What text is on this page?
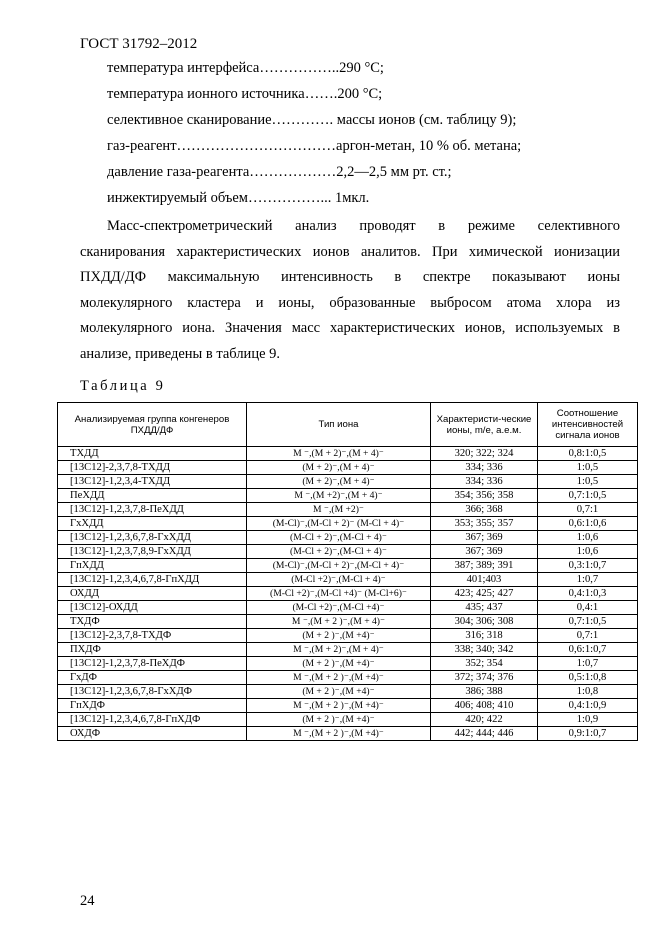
ГОСТ 31792–2012
температура интерфейса……………..290 °С;
температура ионного источника…….200 °С;
селективное сканирование…………. массы ионов (см. таблицу 9);
газ-реагент……………………………аргон-метан, 10 % об. метана;
давление газа-реагента………………2,2—2,5 мм рт. ст.;
инжектируемый объем……………... 1мкл.
Масс-спектрометрический анализ проводят в режиме селективного
сканирования характеристических ионов аналитов. При химической ионизации
ПХДД/ДФ максимальную интенсивность в спектре показывают ионы
молекулярного кластера и ионы, образованные выбросом атома хлора из
молекулярного иона. Значения масс характеристических ионов, используемых в
анализе, приведены в таблице 9.
Таблица 9
Анализируемая группа конгенеров ПХДД/ДФ	Тип иона	Характеристи-ческие ионы, m/e, а.е.м.	Соотношение интенсивностей сигнала ионов
ТХДД	M ⁻,(M + 2)⁻,(M + 4)⁻	320; 322; 324	0,8:1:0,5
[13C12]-2,3,7,8-ТХДД	(M + 2)⁻,(M + 4)⁻	334; 336	1:0,5
[13C12]-1,2,3,4-ТХДД	(M + 2)⁻,(M + 4)⁻	334; 336	1:0,5
ПеХДД	M ⁻,(M +2)⁻,(M + 4)⁻	354; 356; 358	0,7:1:0,5
[13C12]-1,2,3,7,8-ПеХДД	M ⁻,(M +2)⁻	366; 368	0,7:1
ГхХДД	(M-Cl)⁻,(M-Cl + 2)⁻ (M-Cl + 4)⁻	353; 355; 357	0,6:1:0,6
[13C12]-1,2,3,6,7,8-ГхХДД	(M-Cl + 2)⁻,(M-Cl + 4)⁻	367; 369	1:0,6
[13C12]-1,2,3,7,8,9-ГхХДД	(M-Cl + 2)⁻,(M-Cl + 4)⁻	367; 369	1:0,6
ГпХДД	(M-Cl)⁻,(M-Cl + 2)⁻,(M-Cl + 4)⁻	387; 389; 391	0,3:1:0,7
[13C12]-1,2,3,4,6,7,8-ГпХДД	(M-Cl +2)⁻,(M-Cl + 4)⁻	401;403	1:0,7
ОХДД	(M-Cl +2)⁻,(M-Cl +4)⁻ (M-Cl+6)⁻	423; 425; 427	0,4:1:0,3
[13C12]-ОХДД	(M-Cl +2)⁻,(M-Cl +4)⁻	435; 437	0,4:1
ТХДФ	M ⁻,(M + 2 )⁻,(M + 4)⁻	304; 306; 308	0,7:1:0,5
[13C12]-2,3,7,8-ТХДФ	(M + 2 )⁻,(M +4)⁻	316; 318	0,7:1
ПХДФ	M ⁻,(M + 2)⁻,(M + 4)⁻	338; 340; 342	0,6:1:0,7
[13C12]-1,2,3,7,8-ПеХДФ	(M + 2 )⁻,(M +4)⁻	352; 354	1:0,7
ГхДФ	M ⁻,(M + 2 )⁻,(M +4)⁻	372; 374; 376	0,5:1:0,8
[13C12]-1,2,3,6,7,8-ГхХДФ	(M + 2 )⁻,(M +4)⁻	386; 388	1:0,8
ГпХДФ	M ⁻,(M + 2 )⁻,(M +4)⁻	406; 408; 410	0,4:1:0,9
[13C12]-1,2,3,4,6,7,8-ГпХДФ	(M + 2 )⁻,(M +4)⁻	420; 422	1:0,9
ОХДФ	M ⁻,(M + 2 )⁻,(M +4)⁻	442; 444; 446	0,9:1:0,7
24
